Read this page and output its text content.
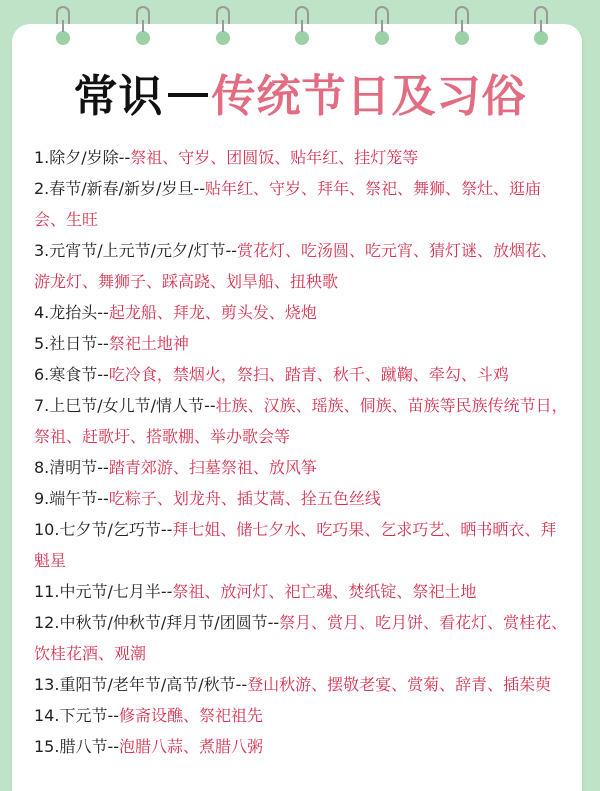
常识 传统节日及习俗
1.除夕/岁除--祭祖、守岁、团圆饭、贴年红、挂灯笼等
2.春节/新春/新岁/岁旦--贴年红、守岁、拜年、祭祀、舞狮、祭灶、逛庙会、生旺
3.元宵节/上元节/元夕/灯节--赏花灯、吃汤圆、吃元宵、猜灯谜、放烟花、游龙灯、舞狮子、踩高跷、划旱船、扭秧歌
4.龙抬头--起龙船、拜龙、剪头发、烧炮
5.社日节--祭祀土地神
6.寒食节--吃冷食，禁烟火，祭扫、踏青、秋千、蹴鞠、牵勾、斗鸡
7.上巳节/女儿节/情人节--壮族、汉族、瑶族、侗族、苗族等民族传统节日，祭祖、赶歌圩、搭歌棚、举办歌会等
8.清明节--踏青郊游、扫墓祭祖、放风筝
9.端午节--吃粽子、划龙舟、插艾蒿、拴五色丝线
10.七夕节/乞巧节--拜七姐、储七夕水、吃巧果、乞求巧艺、晒书晒衣、拜魁星
11.中元节/七月半--祭祖、放河灯、祀亡魂、焚纸锭、祭祀土地
12.中秋节/仲秋节/拜月节/团圆节--祭月、赏月、吃月饼、看花灯、赏桂花、饮桂花酒、观潮
13.重阳节/老年节/高节/秋节--登山秋游、摆敬老宴、赏菊、辞青、插茱萸
14.下元节--修斋设醮、祭祀祖先
15.腊八节--泡腊八蒜、煮腊八粥
